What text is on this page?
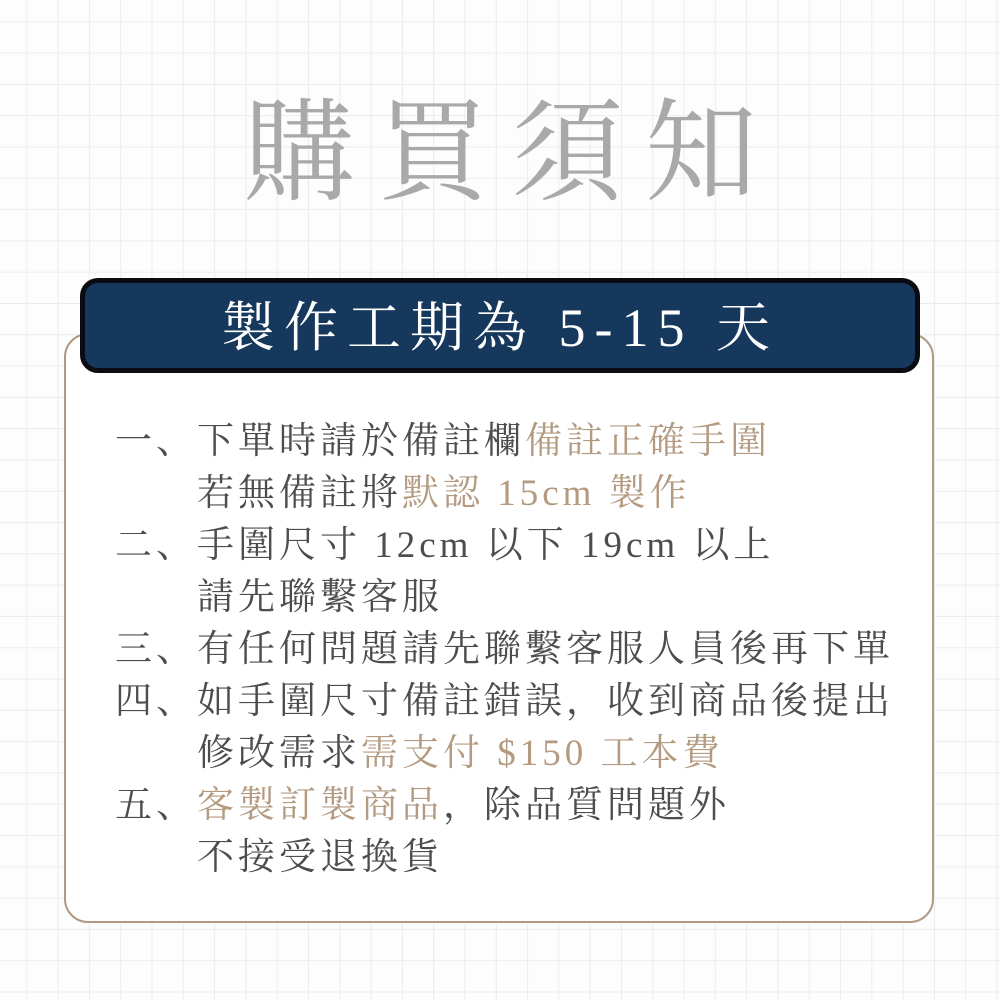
購買須知
製作工期為 5-15 天
一、 下單時請於備註欄備註正確手圍
若無備註將默認 15cm 製作
二、 手圍尺寸 12cm 以下 19cm 以上
請先聯繫客服
三、 有任何問題請先聯繫客服人員後再下單
四、 如手圍尺寸備註錯誤，收到商品後提出
修改需求需支付 $150 工本費
五、 客製訂製商品，除品質問題外
不接受退換貨
